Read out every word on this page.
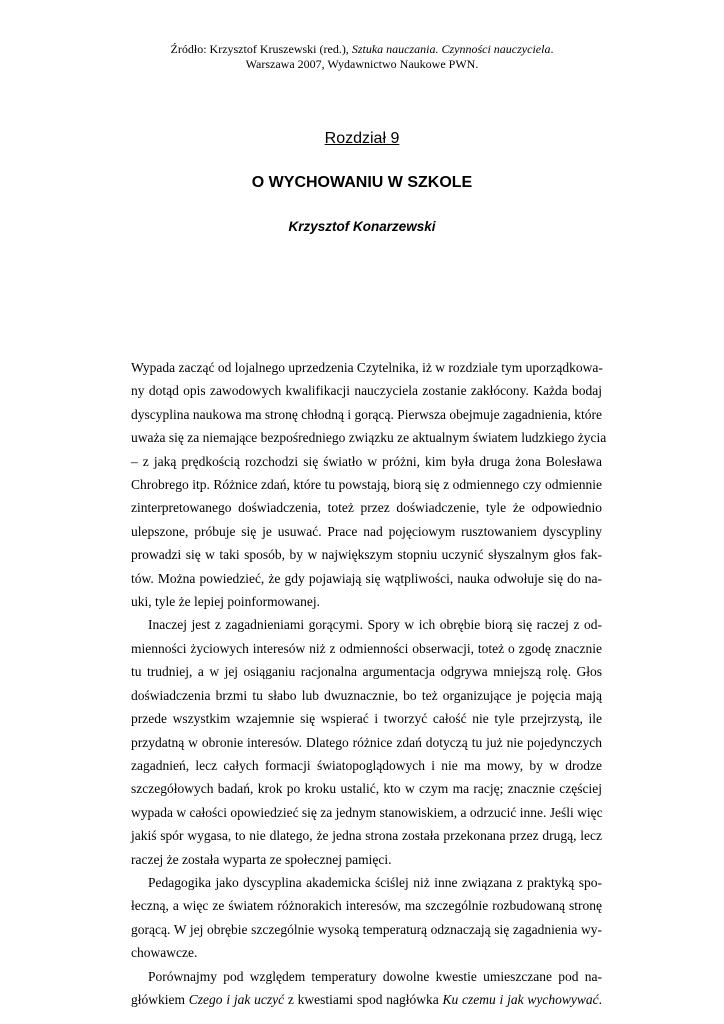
Źródło: Krzysztof Kruszewski (red.), Sztuka nauczania. Czynności nauczyciela.
Warszawa 2007, Wydawnictwo Naukowe PWN.
Rozdział 9
O WYCHOWANIU W SZKOLE
Krzysztof Konarzewski
Wypada zacząć od lojalnego uprzedzenia Czytelnika, iż w rozdziale tym uporządkowa-
ny dotąd opis zawodowych kwalifikacji nauczyciela zostanie zakłócony. Każda bodaj
dyscyplina naukowa ma stronę chłodną i gorącą. Pierwsza obejmuje zagadnienia, które
uważa się za niemające bezpośredniego związku ze aktualnym światem ludzkiego życia
– z jaką prędkością rozchodzi się światło w próżni, kim była druga żona Bolesława
Chrobrego itp. Różnice zdań, które tu powstają, biorą się z odmiennego czy odmiennie
zinterpretowanego doświadczenia, toteż przez doświadczenie, tyle że odpowiednio
ulepszone, próbuje się je usuwać. Prace nad pojęciowym rusztowaniem dyscypliny
prowadzi się w taki sposób, by w największym stopniu uczynić słyszalnym głos fak-
tów. Można powiedzieć, że gdy pojawiają się wątpliwości, nauka odwołuje się do na-
uki, tyle że lepiej poinformowanej.
Inaczej jest z zagadnieniami gorącymi. Spory w ich obrębie biorą się raczej z od-
mienności życiowych interesów niż z odmienności obserwacji, toteż o zgodę znacznie
tu trudniej, a w jej osiąganiu racjonalna argumentacja odgrywa mniejszą rolę. Głos
doświadczenia brzmi tu słabo lub dwuznacznie, bo też organizujące je pojęcia mają
przede wszystkim wzajemnie się wspierać i tworzyć całość nie tyle przejrzystą, ile
przydatną w obronie interesów. Dlatego różnice zdań dotyczą tu już nie pojedynczych
zagadnień, lecz całych formacji światopoglądowych i nie ma mowy, by w drodze
szczegółowych badań, krok po kroku ustalić, kto w czym ma rację; znacznie częściej
wypada w całości opowiedzieć się za jednym stanowiskiem, a odrzucić inne. Jeśli więc
jakiś spór wygasa, to nie dlatego, że jedna strona została przekonana przez drugą, lecz
raczej że została wyparta ze społecznej pamięci.
Pedagogika jako dyscyplina akademicka ściślej niż inne związana z praktyką spo-
łeczną, a więc ze światem różnorakich interesów, ma szczególnie rozbudowaną stronę
gorącą. W jej obrębie szczególnie wysoką temperaturą odznaczają się zagadnienia wy-
chowawcze.
Porównajmy pod względem temperatury dowolne kwestie umieszczane pod na-
główkiem Czego i jak uczyć z kwestiami spod nagłówka Ku czemu i jak wychowywać.
